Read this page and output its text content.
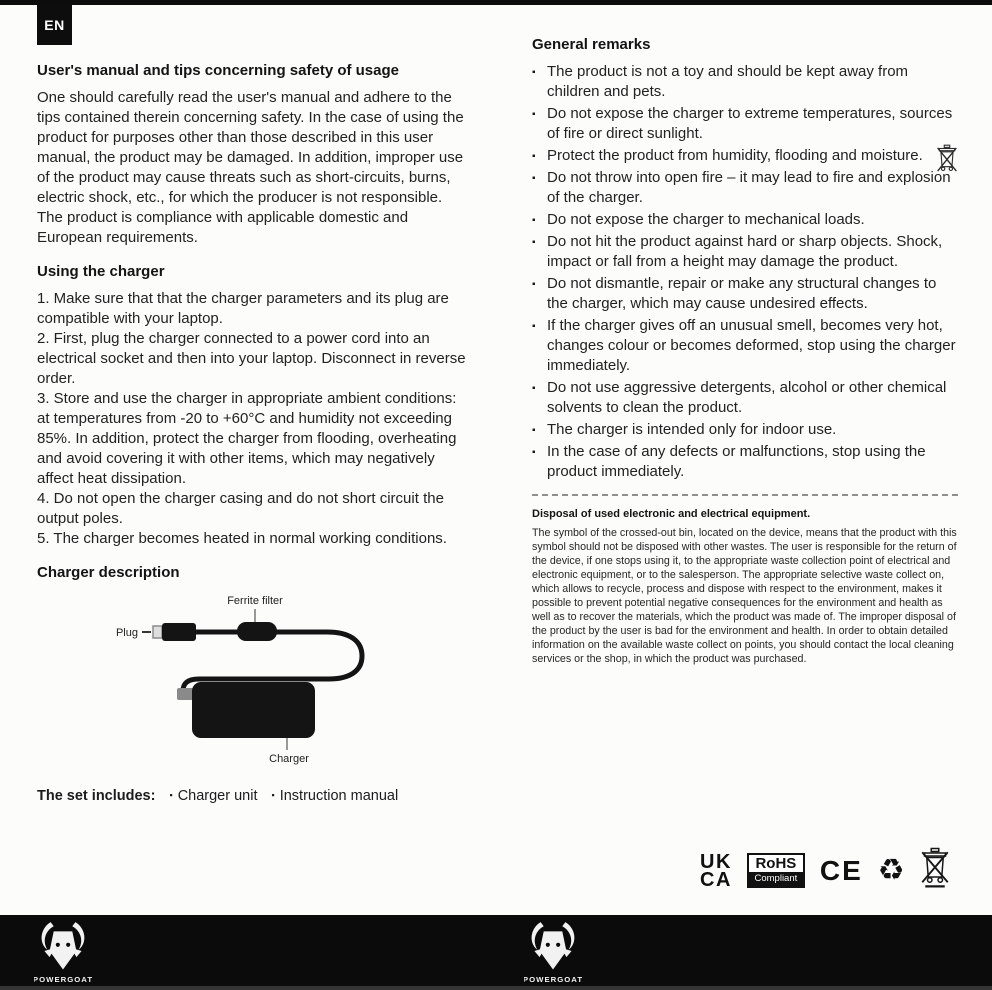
EN
User's manual and tips concerning safety of usage

One should carefully read the user's manual and adhere to the tips contained therein concerning safety. In the case of using the product for purposes other than those described in this user manual, the product may be damaged. In addition, improper use of the product may cause threats such as short-circuits, burns, electric shock, etc., for which the producer is not responsible. The product is compliance with applicable domestic and European requirements.

Using the charger

1. Make sure that that the charger parameters and its plug are compatible with your laptop.

2. First, plug the charger connected to a power cord into an electrical socket and then into your laptop. Disconnect in reverse order.

3. Store and use the charger in appropriate ambient conditions: at temperatures from -20 to +60°C and humidity not exceeding 85%. In addition, protect the charger from flooding, overheating and avoid covering it with other items, which may negatively affect heat dissipation.

4. Do not open the charger casing and do not short circuit the output poles.

5. The charger becomes heated in normal working conditions.

Charger description
Ferrite filter
Plug
Charger

The set includes: ▪ Charger unit ▪ Instruction manual

General remarks
▪ The product is not a toy and should be kept away from children and pets.
▪ Do not expose the charger to extreme temperatures, sources of fire or direct sunlight.
▪ Protect the product from humidity, flooding and moisture.
▪ Do not throw into open fire – it may lead to fire and explosion of the charger.
▪ Do not expose the charger to mechanical loads.
▪ Do not hit the product against hard or sharp objects. Shock, impact or fall from a height may damage the product.
▪ Do not dismantle, repair or make any structural changes to the charger, which may cause undesired effects.
▪ If the charger gives off an unusual smell, becomes very hot, changes colour or becomes deformed, stop using the charger immediately.
▪ Do not use aggressive detergents, alcohol or other chemical solvents to clean the product.
▪ The charger is intended only for indoor use.
▪ In the case of any defects or malfunctions, stop using the product immediately.
Disposal of used electronic and electrical equipment.

The symbol of the crossed-out bin, located on the device, means that the product with this symbol should not be disposed with other wastes. The user is responsible for the return of the device, if one stops using it, to the appropriate waste collection point of electrical and electronic equipment, or to the salesperson. The appropriate selective waste collect on, which allows to recycle, process and dispose with respect to the environment, makes it possible to prevent potential negative consequences for the environment and health as well as to recover the materials, which the product was made of. The improper disposal of the product by the user is bad for the environment and health. In order to obtain detailed information on the available waste collect on points, you should contact the local cleaning services or the shop, in which the product was purchased.

UK
CA
RoHS
Compliant CE ♻
POWERGOAT	POWERGOAT
